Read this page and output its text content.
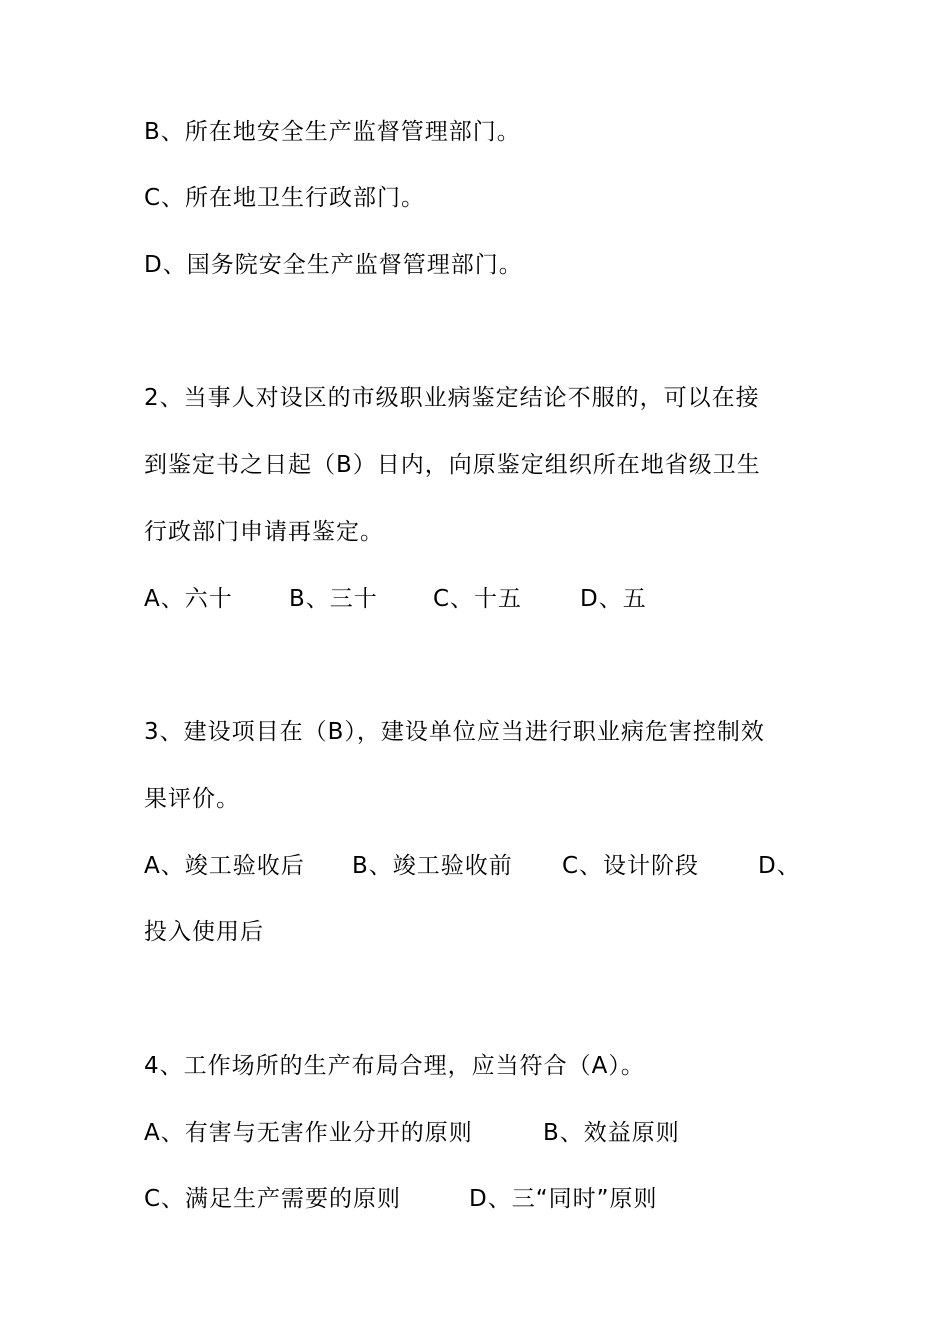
B、所在地安全生产监督管理部门。
C、所在地卫生行政部门。
D、国务院安全生产监督管理部门。
2、当事人对设区的市级职业病鉴定结论不服的，可以在接
到鉴定书之日起（B）日内，向原鉴定组织所在地省级卫生
行政部门申请再鉴定。
A、六十 B、三十 C、十五	D、五
3、建设项目在（B），建设单位应当进行职业病危害控制效
果评价。
A、竣工验收后 B、竣工验收前 C、设计阶段	D、
投入使用后
4、工作场所的生产布局合理，应当符合（A）。
A、有害与无害作业分开的原则	B、效益原则
C、满足生产需要的原则	D、三“同时”原则
